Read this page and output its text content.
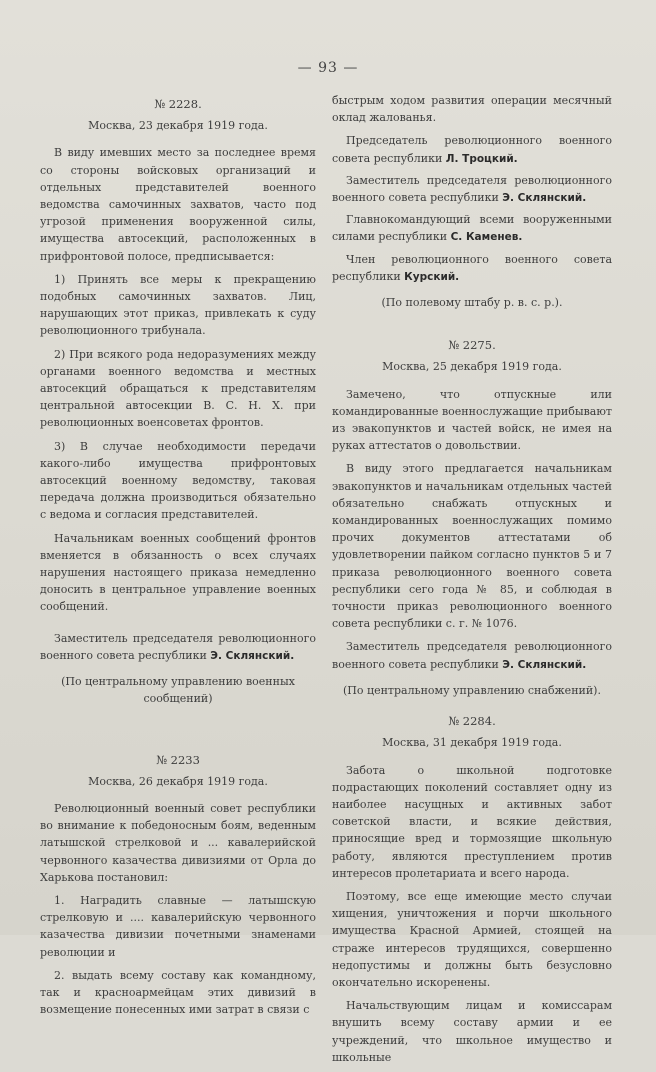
— 93 —
№ 2228.
Москва, 23 декабря 1919 года.

В виду имевших место за последнее время со стороны войсковых организаций и отдельных представителей военного ведомства самочинных захватов, часто под угрозой применения вооруженной силы, имущества автосекций, расположенных в прифронтовой полосе, предписывается:

1) Принять все меры к прекращению подобных самочинных захватов. Лиц, нарушающих этот приказ, привлекать к суду революционного трибунала.

2) При всякого рода недоразумениях между органами военного ведомства и местных автосекций обращаться к представителям центральной автосекции В. С. Н. Х. при революционных военсоветах фронтов.

3) В случае необходимости передачи какого-либо имущества прифронтовых автосекций военному ведомству, таковая передача должна производиться обязательно с ведома и согласия представителей.

Начальникам военных сообщений фронтов вменяется в обязанность о всех случаях нарушения настоящего приказа немедленно доносить в центральное управление военных сообщений.

Заместитель председателя революционного военного совета республики Э. Склянский.
(По центральному управлению военных сообщений)
№ 2233
Москва, 26 декабря 1919 года.

Революционный военный совет республики во внимание к победоносным боям, веденным латышской стрелковой и ... кавалерийской червонного казачества дивизиями от Орла до Харькова постановил:

1. Наградить славные — латышскую стрелковую и .... кавалерийскую червонного казачества дивизии почетными знаменами революции и

2. выдать всему составу как командному, так и красноармейцам этих дивизий в возмещение понесенных ими затрат в связи с

быстрым ходом развития операции месячный оклад жалованья.

Председатель революционного военного совета республики Л. Троцкий.
Заместитель председателя революционного военного совета республики Э. Склянский.
Главнокомандующий всеми вооруженными силами республики С. Каменев.
Член революционного военного совета республики Курский.
(По полевому штабу р. в. с. р.).
№ 2275.
Москва, 25 декабря 1919 года.

Замечено, что отпускные или командированные военнослужащие прибывают из эвакопунктов и частей войск, не имея на руках аттестатов о довольствии.

В виду этого предлагается начальникам эвакопунктов и начальникам отдельных частей обязательно снабжать отпускных и командированных военнослужащих помимо прочих документов аттестатами об удовлетворении пайком согласно пунктов 5 и 7 приказа революционного военного совета республики сего года № 85, и соблюдая в точности приказ революционного военного совета республики с. г. № 1076.

Заместитель председателя революционного военного совета республики Э. Склянский.
(По центральному управлению снабжений).
№ 2284.
Москва, 31 декабря 1919 года.

Забота о школьной подготовке подрастающих поколений составляет одну из наиболее насущных и активных забот советской власти, и всякие действия, приносящие вред и тормозящие школьную работу, являются преступлением против интересов пролетариата и всего народа.

Поэтому, все еще имеющие место случаи хищения, уничтожения и порчи школьного имущества Красной Армией, стоящей на страже интересов трудящихся, совершенно недопустимы и должны быть безусловно окончательно искоренены.

Начальствующим лицам и комиссарам внушить всему составу армии и ее учреждений, что школьное имущество и школьные
